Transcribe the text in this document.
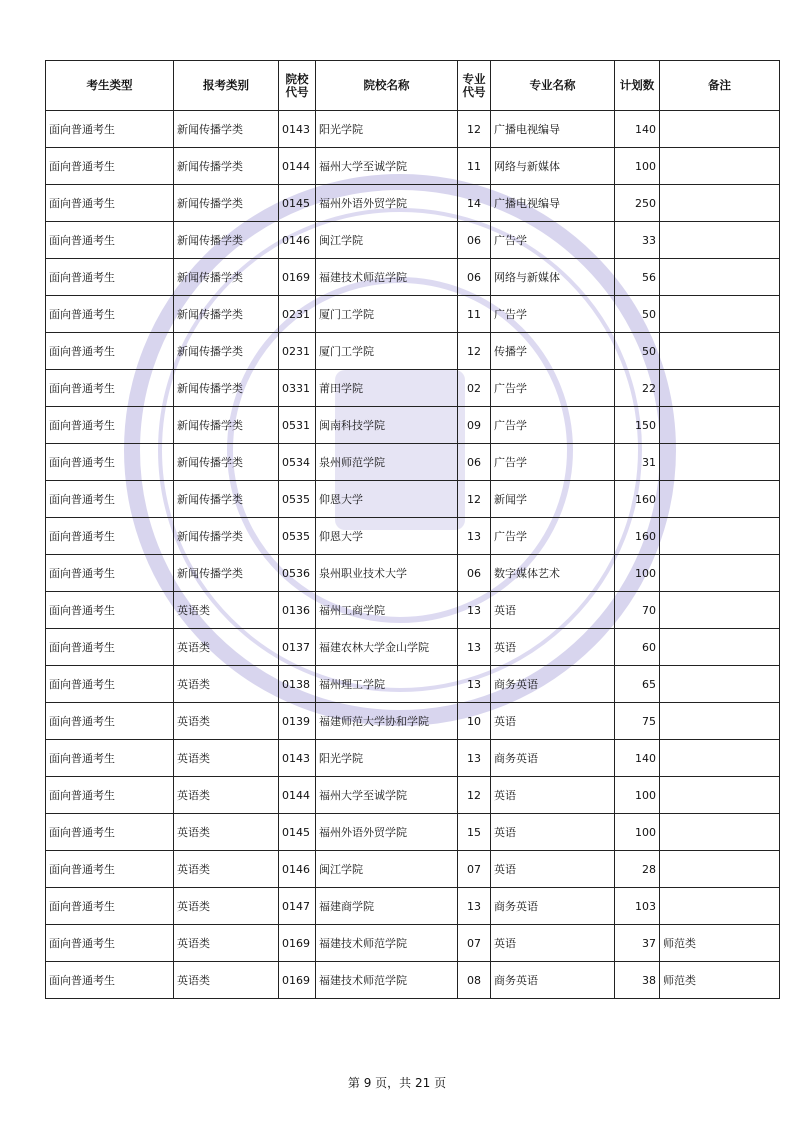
考生类型	报考类别	院校代号	院校名称	专业代号	专业名称	计划数	备注
面向普通考生	新闻传播学类	0143	阳光学院	12	广播电视编导	140	
面向普通考生	新闻传播学类	0144	福州大学至诚学院	11	网络与新媒体	100	
面向普通考生	新闻传播学类	0145	福州外语外贸学院	14	广播电视编导	250	
面向普通考生	新闻传播学类	0146	闽江学院	06	广告学	33	
面向普通考生	新闻传播学类	0169	福建技术师范学院	06	网络与新媒体	56	
面向普通考生	新闻传播学类	0231	厦门工学院	11	广告学	50	
面向普通考生	新闻传播学类	0231	厦门工学院	12	传播学	50	
面向普通考生	新闻传播学类	0331	莆田学院	02	广告学	22	
面向普通考生	新闻传播学类	0531	闽南科技学院	09	广告学	150	
面向普通考生	新闻传播学类	0534	泉州师范学院	06	广告学	31	
面向普通考生	新闻传播学类	0535	仰恩大学	12	新闻学	160	
面向普通考生	新闻传播学类	0535	仰恩大学	13	广告学	160	
面向普通考生	新闻传播学类	0536	泉州职业技术大学	06	数字媒体艺术	100	
面向普通考生	英语类	0136	福州工商学院	13	英语	70	
面向普通考生	英语类	0137	福建农林大学金山学院	13	英语	60	
面向普通考生	英语类	0138	福州理工学院	13	商务英语	65	
面向普通考生	英语类	0139	福建师范大学协和学院	10	英语	75	
面向普通考生	英语类	0143	阳光学院	13	商务英语	140	
面向普通考生	英语类	0144	福州大学至诚学院	12	英语	100	
面向普通考生	英语类	0145	福州外语外贸学院	15	英语	100	
面向普通考生	英语类	0146	闽江学院	07	英语	28	
面向普通考生	英语类	0147	福建商学院	13	商务英语	103	
面向普通考生	英语类	0169	福建技术师范学院	07	英语	37	师范类
面向普通考生	英语类	0169	福建技术师范学院	08	商务英语	38	师范类
第 9 页，共 21 页
